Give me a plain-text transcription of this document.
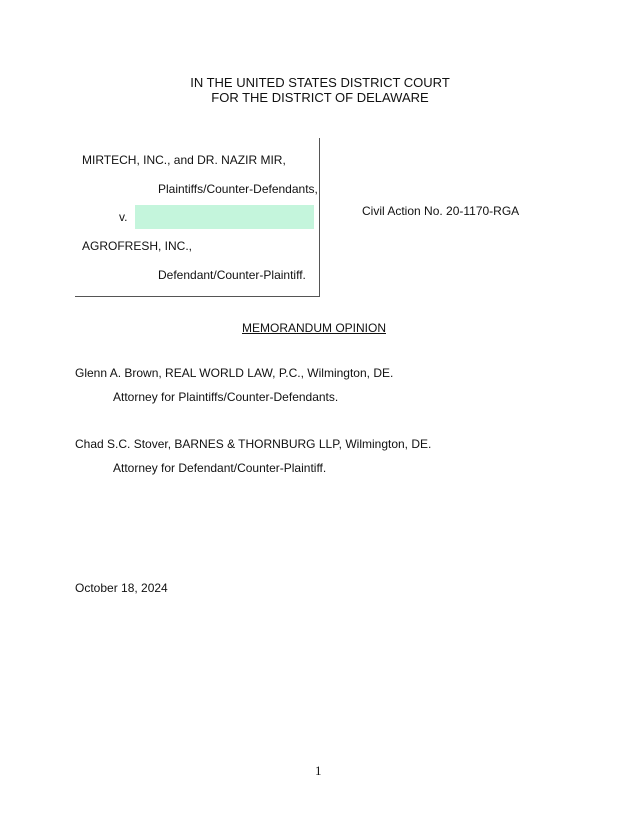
IN THE UNITED STATES DISTRICT COURT
FOR THE DISTRICT OF DELAWARE
MIRTECH, INC., and DR. NAZIR MIR,
Plaintiffs/Counter-Defendants,
v.
AGROFRESH, INC.,
Defendant/Counter-Plaintiff.
Civil Action No. 20-1170-RGA
MEMORANDUM OPINION
Glenn A. Brown, REAL WORLD LAW, P.C., Wilmington, DE.
Attorney for Plaintiffs/Counter-Defendants.
Chad S.C. Stover, BARNES & THORNBURG LLP, Wilmington, DE.
Attorney for Defendant/Counter-Plaintiff.
October 18, 2024
1
